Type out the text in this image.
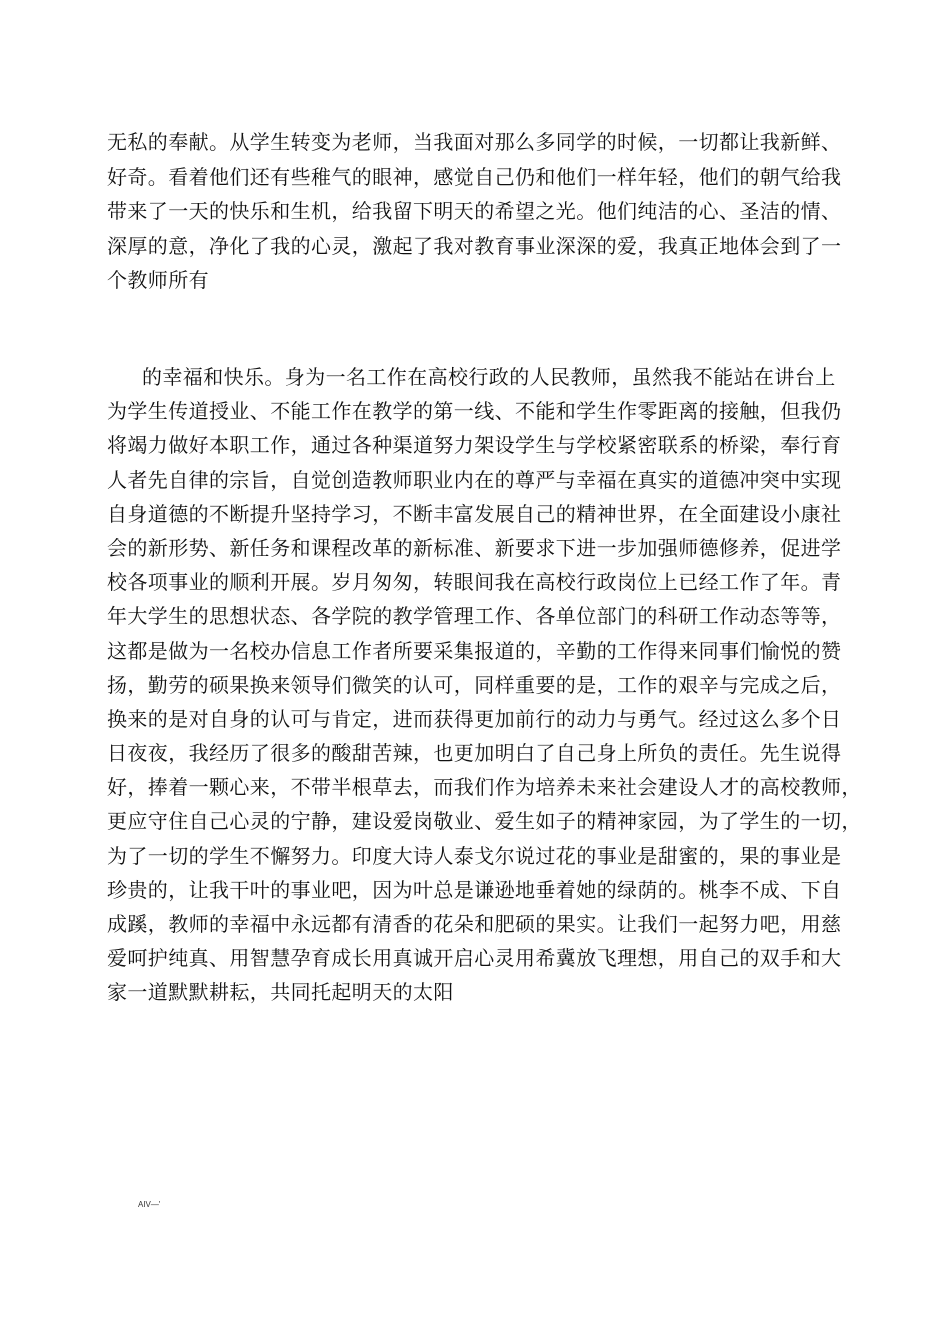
无私的奉献。从学生转变为老师，当我面对那么多同学的时候，一切都让我新鲜、
好奇。看着他们还有些稚气的眼神，感觉自己仍和他们一样年轻，他们的朝气给我
带来了一天的快乐和生机，给我留下明天的希望之光。他们纯洁的心、圣洁的情、
深厚的意，净化了我的心灵，激起了我对教育事业深深的爱，我真正地体会到了一
个教师所有
的幸福和快乐。身为一名工作在高校行政的人民教师，虽然我不能站在讲台上
为学生传道授业、不能工作在教学的第一线、不能和学生作零距离的接触，但我仍
将竭力做好本职工作，通过各种渠道努力架设学生与学校紧密联系的桥梁，奉行育
人者先自律的宗旨，自觉创造教师职业内在的尊严与幸福在真实的道德冲突中实现
自身道德的不断提升坚持学习，不断丰富发展自己的精神世界，在全面建设小康社
会的新形势、新任务和课程改革的新标准、新要求下进一步加强师德修养，促进学
校各项事业的顺利开展。岁月匆匆，转眼间我在高校行政岗位上已经工作了年。青
年大学生的思想状态、各学院的教学管理工作、各单位部门的科研工作动态等等，
这都是做为一名校办信息工作者所要采集报道的，辛勤的工作得来同事们愉悦的赞
扬，勤劳的硕果换来领导们微笑的认可，同样重要的是，工作的艰辛与完成之后，
换来的是对自身的认可与肯定，进而获得更加前行的动力与勇气。经过这么多个日
日夜夜，我经历了很多的酸甜苦辣，也更加明白了自己身上所负的责任。先生说得
好，捧着一颗心来，不带半根草去，而我们作为培养未来社会建设人才的高校教师，
更应守住自己心灵的宁静，建设爱岗敬业、爱生如子的精神家园，为了学生的一切，
为了一切的学生不懈努力。印度大诗人泰戈尔说过花的事业是甜蜜的，果的事业是
珍贵的，让我干叶的事业吧，因为叶总是谦逊地垂着她的绿荫的。桃李不成、下自
成蹊，教师的幸福中永远都有清香的花朵和肥硕的果实。让我们一起努力吧，用慈
爱呵护纯真、用智慧孕育成长用真诚开启心灵用希冀放飞理想，用自己的双手和大
家一道默默耕耘，共同托起明天的太阳
AIV—'
